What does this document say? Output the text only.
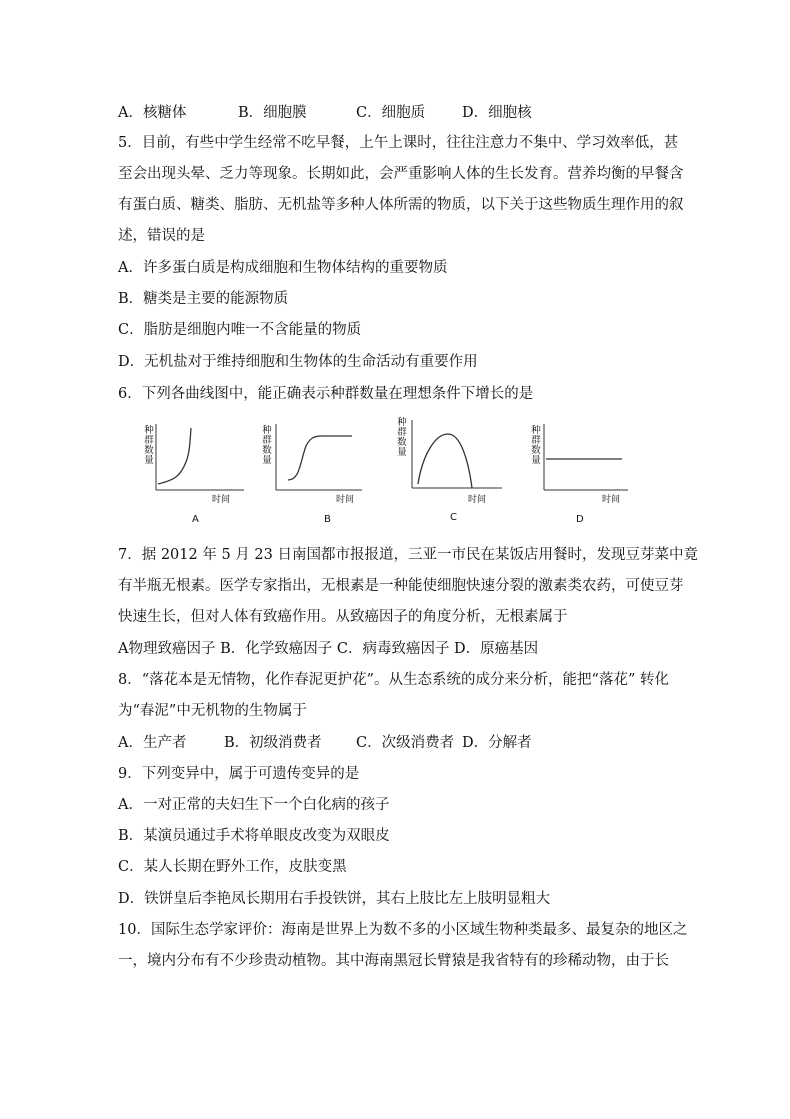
A．核糖体	B．细胞膜	C．细胞质	D．细胞核
5．目前，有些中学生经常不吃早餐，上午上课时，往往注意力不集中、学习效率低，甚
至会出现头晕、乏力等现象。长期如此，会严重影响人体的生长发育。营养均衡的早餐含
有蛋白质、糖类、脂肪、无机盐等多种人体所需的物质，以下关于这些物质生理作用的叙
述，错误的是
A．许多蛋白质是构成细胞和生物体结构的重要物质
B．糖类是主要的能源物质
C．脂肪是细胞内唯一不含能量的物质
D．无机盐对于维持细胞和生物体的生命活动有重要作用
6．下列各曲线图中，能正确表示种群数量在理想条件下增长的是
种
群
数
量
时间
A
种
群
数
量
时间
B
种
群
数
量
时间
C
种
群
数
量
时间
D
7．据 2012 年 5 月 23 日南国都市报报道，三亚一市民在某饭店用餐时，发现豆芽菜中竟
有半瓶无根素。医学专家指出，无根素是一种能使细胞快速分裂的激素类农药，可使豆芽
快速生长，但对人体有致癌作用。从致癌因子的角度分析，无根素属于
A物理致癌因子 B．化学致癌因子 C．病毒致癌因子 D．原癌基因
8．“落花本是无情物，化作春泥更护花”。从生态系统的成分来分析，能把“落花” 转化
为“春泥”中无机物的生物属于
A．生产者	B．初级消费者 C．次级消费者 D．分解者
9．下列变异中，属于可遗传变异的是
A．一对正常的夫妇生下一个白化病的孩子
B．某演员通过手术将单眼皮改变为双眼皮
C．某人长期在野外工作，皮肤变黑
D．铁饼皇后李艳凤长期用右手投铁饼，其右上肢比左上肢明显粗大
10．国际生态学家评价：海南是世界上为数不多的小区域生物种类最多、最复杂的地区之
一，境内分布有不少珍贵动植物。其中海南黑冠长臂猿是我省特有的珍稀动物，由于长
